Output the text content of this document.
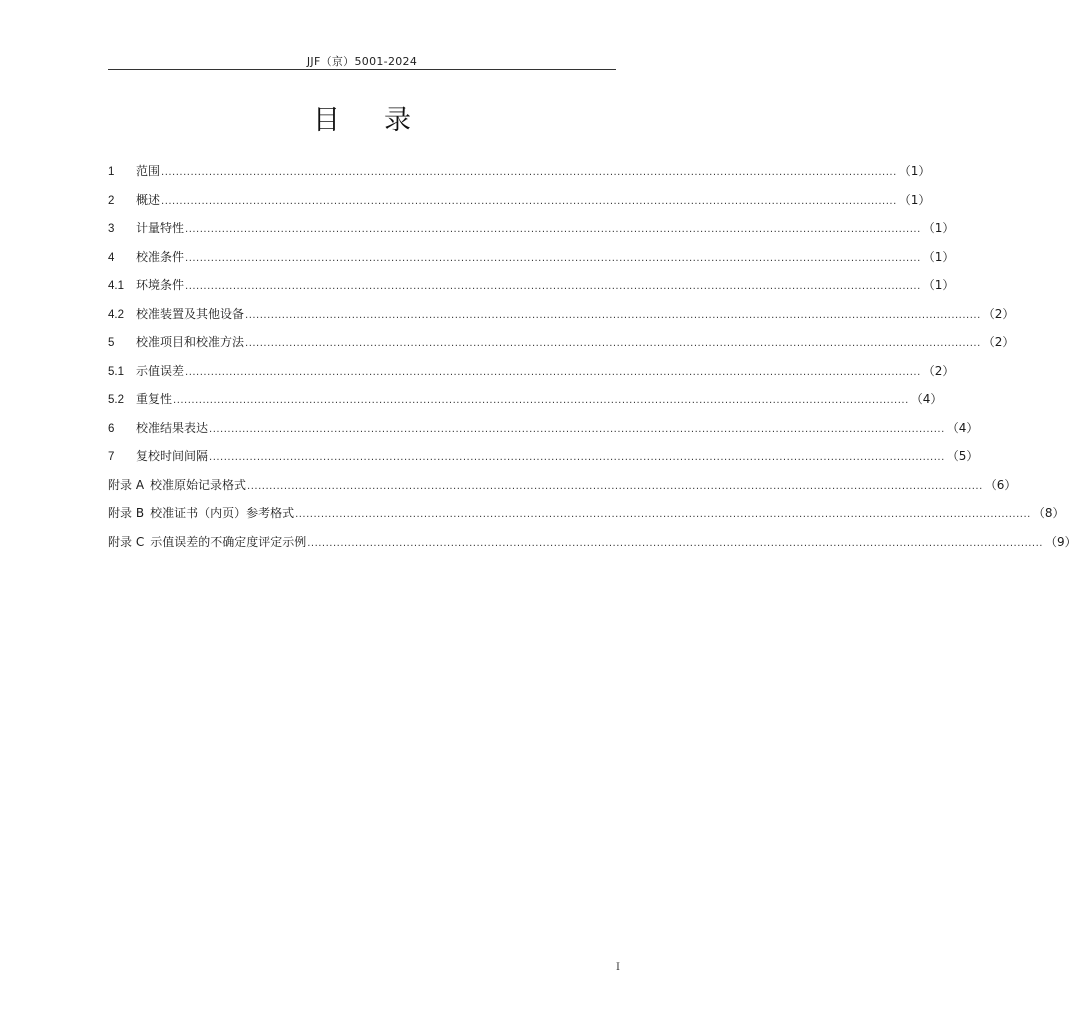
JJF（京）5001-2024
目录
1	范围 ........................................................................................................................................................................................................ （1）
2	概述 ........................................................................................................................................................................................................ （1）
3	计量特性 ........................................................................................................................................................................................................ （1）
4	校准条件 ........................................................................................................................................................................................................ （1）
4.1	环境条件 ........................................................................................................................................................................................................ （1）
4.2	校准装置及其他设备 ........................................................................................................................................................................................................ （2）
5	校准项目和校准方法 ........................................................................................................................................................................................................ （2）
5.1	示值误差 ........................................................................................................................................................................................................ （2）
5.2	重复性 ........................................................................................................................................................................................................ （4）
6	校准结果表达 ........................................................................................................................................................................................................ （4）
7	复校时间间隔 ........................................................................................................................................................................................................ （5）
附录 A 校准原始记录格式 ........................................................................................................................................................................................................ （6）
附录 B 校准证书（内页）参考格式 ........................................................................................................................................................................................................ （8）
附录 C 示值误差的不确定度评定示例 ........................................................................................................................................................................................................ （9）
I
